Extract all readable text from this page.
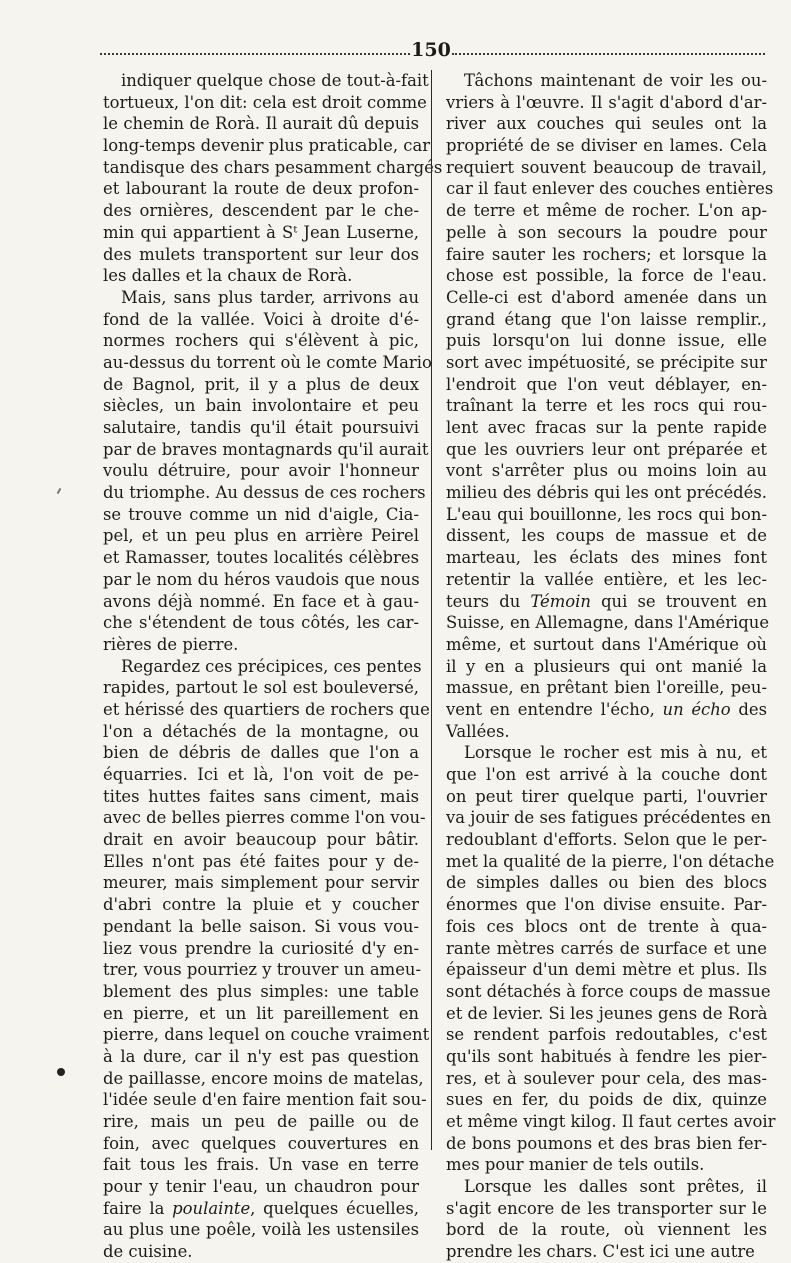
150
indiquer quelque chose de tout-à-fait
tortueux, l'on dit: cela est droit comme
le chemin de Rorà. Il aurait dû depuis
long-temps devenir plus praticable, car
tandisque des chars pesamment chargés
et labourant la route de deux profon-
des ornières, descendent par le che-
min qui appartient à Sᵗ Jean Luserne,
des mulets transportent sur leur dos
les dalles et la chaux de Rorà.
Mais, sans plus tarder, arrivons au
fond de la vallée. Voici à droite d'é-
normes rochers qui s'élèvent à pic,
au-dessus du torrent où le comte Mario
de Bagnol, prit, il y a plus de deux
siècles, un bain involontaire et peu
salutaire, tandis qu'il était poursuivi
par de braves montagnards qu'il aurait
voulu détruire, pour avoir l'honneur
du triomphe. Au dessus de ces rochers
se trouve comme un nid d'aigle, Cia-
pel, et un peu plus en arrière Peirel
et Ramasser, toutes localités célèbres
par le nom du héros vaudois que nous
avons déjà nommé. En face et à gau-
che s'étendent de tous côtés, les car-
rières de pierre.
Regardez ces précipices, ces pentes
rapides, partout le sol est bouleversé,
et hérissé des quartiers de rochers que
l'on a détachés de la montagne, ou
bien de débris de dalles que l'on a
équarries. Ici et là, l'on voit de pe-
tites huttes faites sans ciment, mais
avec de belles pierres comme l'on vou-
drait en avoir beaucoup pour bâtir.
Elles n'ont pas été faites pour y de-
meurer, mais simplement pour servir
d'abri contre la pluie et y coucher
pendant la belle saison. Si vous vou-
liez vous prendre la curiosité d'y en-
trer, vous pourriez y trouver un ameu-
blement des plus simples: une table
en pierre, et un lit pareillement en
pierre, dans lequel on couche vraiment
à la dure, car il n'y est pas question
de paillasse, encore moins de matelas,
l'idée seule d'en faire mention fait sou-
rire, mais un peu de paille ou de
foin, avec quelques couvertures en
fait tous les frais. Un vase en terre
pour y tenir l'eau, un chaudron pour
faire la poulainte, quelques écuelles,
au plus une poêle, voilà les ustensiles
de cuisine.
Tâchons maintenant de voir les ou-
vriers à l'œuvre. Il s'agit d'abord d'ar-
river aux couches qui seules ont la
propriété de se diviser en lames. Cela
requiert souvent beaucoup de travail,
car il faut enlever des couches entières
de terre et même de rocher. L'on ap-
pelle à son secours la poudre pour
faire sauter les rochers; et lorsque la
chose est possible, la force de l'eau.
Celle-ci est d'abord amenée dans un
grand étang que l'on laisse remplir.,
puis lorsqu'on lui donne issue, elle
sort avec impétuosité, se précipite sur
l'endroit que l'on veut déblayer, en-
traînant la terre et les rocs qui rou-
lent avec fracas sur la pente rapide
que les ouvriers leur ont préparée et
vont s'arrêter plus ou moins loin au
milieu des débris qui les ont précédés.
L'eau qui bouillonne, les rocs qui bon-
dissent, les coups de massue et de
marteau, les éclats des mines font
retentir la vallée entière, et les lec-
teurs du Témoin qui se trouvent en
Suisse, en Allemagne, dans l'Amérique
même, et surtout dans l'Amérique où
il y en a plusieurs qui ont manié la
massue, en prêtant bien l'oreille, peu-
vent en entendre l'écho, un écho des
Vallées.
Lorsque le rocher est mis à nu, et
que l'on est arrivé à la couche dont
on peut tirer quelque parti, l'ouvrier
va jouir de ses fatigues précédentes en
redoublant d'efforts. Selon que le per-
met la qualité de la pierre, l'on détache
de simples dalles ou bien des blocs
énormes que l'on divise ensuite. Par-
fois ces blocs ont de trente à qua-
rante mètres carrés de surface et une
épaisseur d'un demi mètre et plus. Ils
sont détachés à force coups de massue
et de levier. Si les jeunes gens de Rorà
se rendent parfois redoutables, c'est
qu'ils sont habitués à fendre les pier-
res, et à soulever pour cela, des mas-
sues en fer, du poids de dix, quinze
et même vingt kilog. Il faut certes avoir
de bons poumons et des bras bien fer-
mes pour manier de tels outils.
Lorsque les dalles sont prêtes, il
s'agit encore de les transporter sur le
bord de la route, où viennent les
prendre les chars. C'est ici une autre
